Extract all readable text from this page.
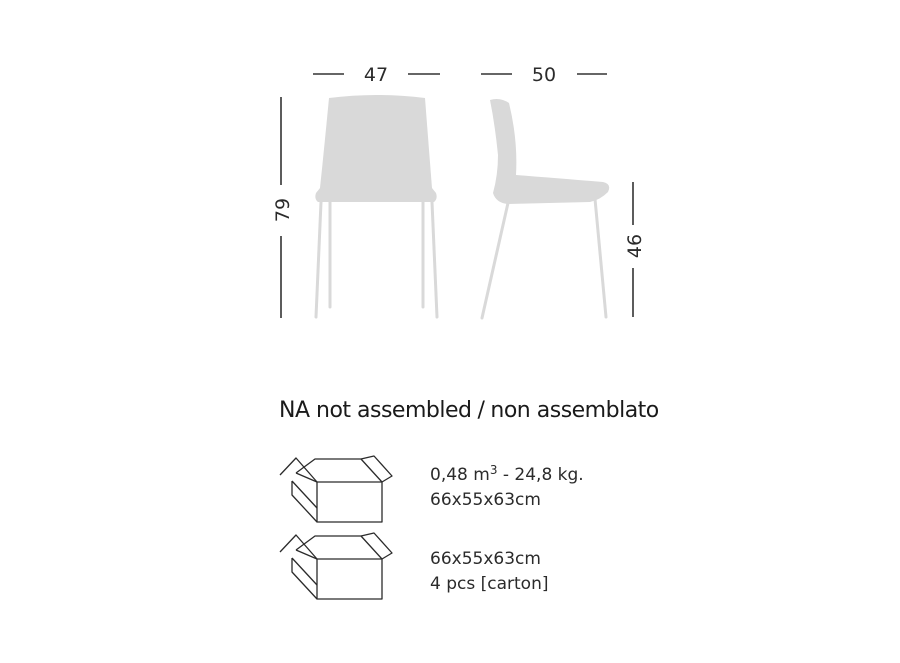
47	50
79
46
NA not assembled / non assemblato
0,48 $m^3 - 24,8$ kg.
66x55x63cm
66x55x63cm
4 pcs [carton]
